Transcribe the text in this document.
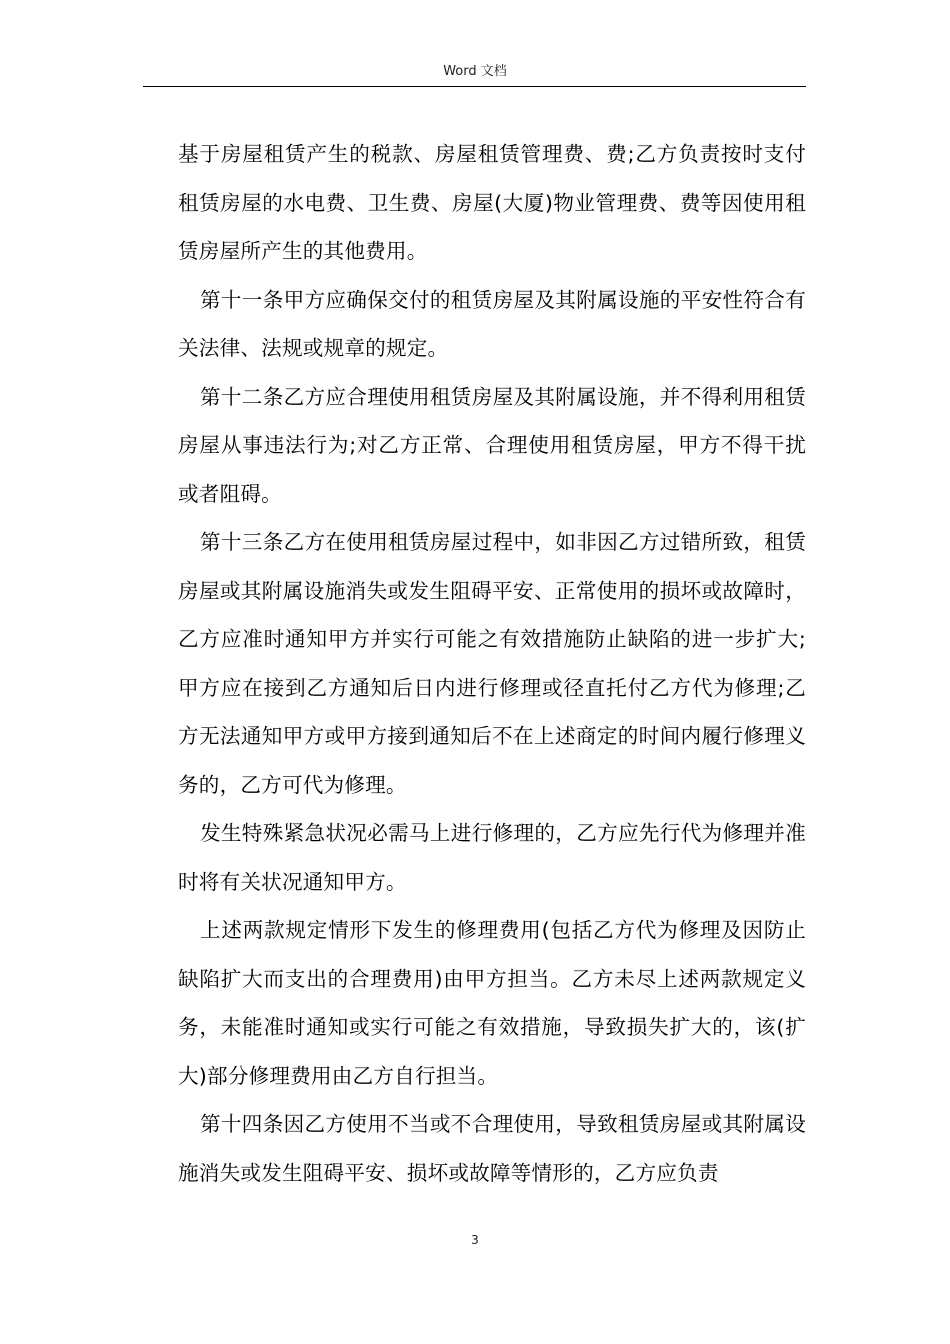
Word 文档

基于房屋租赁产生的税款、房屋租赁管理费、费;乙方负责按时支付租赁房屋的水电费、卫生费、房屋(大厦)物业管理费、费等因使用租赁房屋所产生的其他费用。

第十一条甲方应确保交付的租赁房屋及其附属设施的平安性符合有关法律、法规或规章的规定。

第十二条乙方应合理使用租赁房屋及其附属设施，并不得利用租赁房屋从事违法行为;对乙方正常、合理使用租赁房屋，甲方不得干扰或者阻碍。

第十三条乙方在使用租赁房屋过程中，如非因乙方过错所致，租赁房屋或其附属设施消失或发生阻碍平安、正常使用的损坏或故障时，乙方应准时通知甲方并实行可能之有效措施防止缺陷的进一步扩大;甲方应在接到乙方通知后日内进行修理或径直托付乙方代为修理;乙方无法通知甲方或甲方接到通知后不在上述商定的时间内履行修理义务的，乙方可代为修理。

发生特殊紧急状况必需马上进行修理的，乙方应先行代为修理并准时将有关状况通知甲方。

上述两款规定情形下发生的修理费用(包括乙方代为修理及因防止缺陷扩大而支出的合理费用)由甲方担当。乙方未尽上述两款规定义务，未能准时通知或实行可能之有效措施，导致损失扩大的，该(扩大)部分修理费用由乙方自行担当。

第十四条因乙方使用不当或不合理使用，导致租赁房屋或其附属设施消失或发生阻碍平安、损坏或故障等情形的，乙方应负责

3
